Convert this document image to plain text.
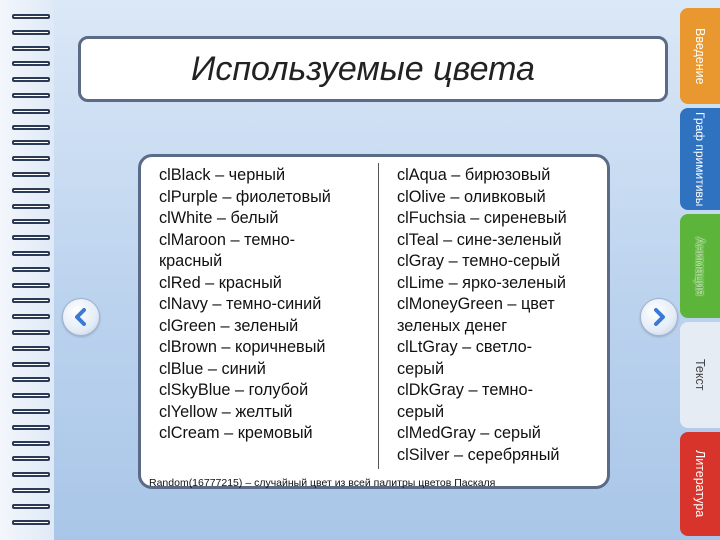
Используемые цвета
clBlack – черный
clPurple – фиолетовый
clWhite – белый
clMaroon – темно-
красный
clRed – красный
clNavy – темно-синий
clGreen – зеленый
clBrown – коричневый
clBlue – синий
clSkyBlue – голубой
clYellow – желтый
clCream – кремовый
clAqua – бирюзовый
clOlive – оливковый
clFuchsia – сиреневый
clTeal – сине-зеленый
clGray – темно-серый
clLime – ярко-зеленый
clMoneyGreen – цвет
зеленых денег
clLtGray – светло-
серый
clDkGray – темно-
серый
clMedGray – серый
clSilver – серебряный
Random(16777215) – случайный цвет из всей палитры цветов Паскаля
Введение
Граф примитивы
Анимация
Текст
Литература
